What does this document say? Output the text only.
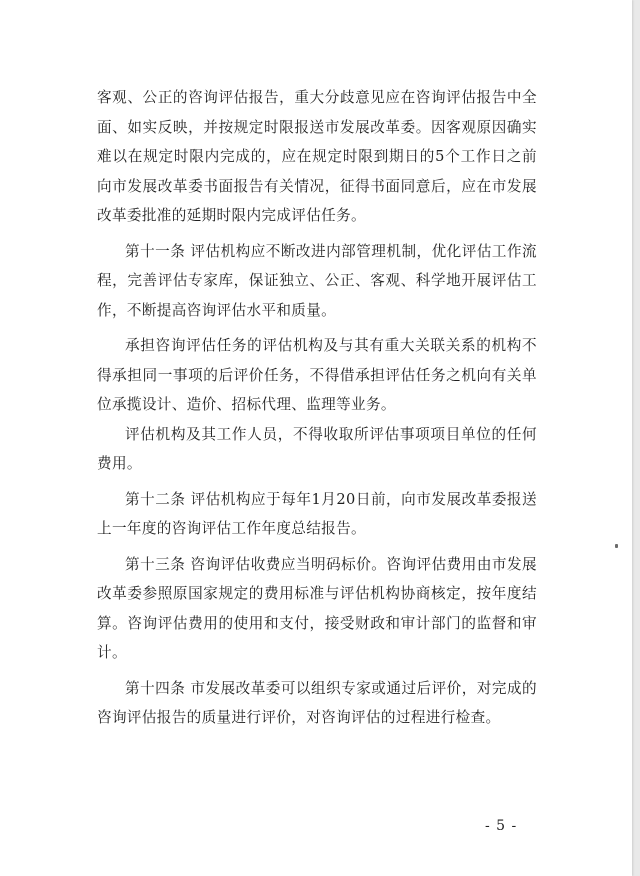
客观、公正的咨询评估报告，重大分歧意见应在咨询评估报告中全面、如实反映，并按规定时限报送市发展改革委。因客观原因确实难以在规定时限内完成的，应在规定时限到期日的5个工作日之前向市发展改革委书面报告有关情况，征得书面同意后，应在市发展改革委批准的延期时限内完成评估任务。

第十一条 评估机构应不断改进内部管理机制，优化评估工作流程，完善评估专家库，保证独立、公正、客观、科学地开展评估工作，不断提高咨询评估水平和质量。

承担咨询评估任务的评估机构及与其有重大关联关系的机构不得承担同一事项的后评价任务，不得借承担评估任务之机向有关单位承揽设计、造价、招标代理、监理等业务。

评估机构及其工作人员，不得收取所评估事项项目单位的任何费用。

第十二条 评估机构应于每年1月20日前，向市发展改革委报送上一年度的咨询评估工作年度总结报告。

第十三条 咨询评估收费应当明码标价。咨询评估费用由市发展改革委参照原国家规定的费用标准与评估机构协商核定，按年度结算。咨询评估费用的使用和支付，接受财政和审计部门的监督和审计。

第十四条 市发展改革委可以组织专家或通过后评价，对完成的咨询评估报告的质量进行评价，对咨询评估的过程进行检查。

- 5 -
